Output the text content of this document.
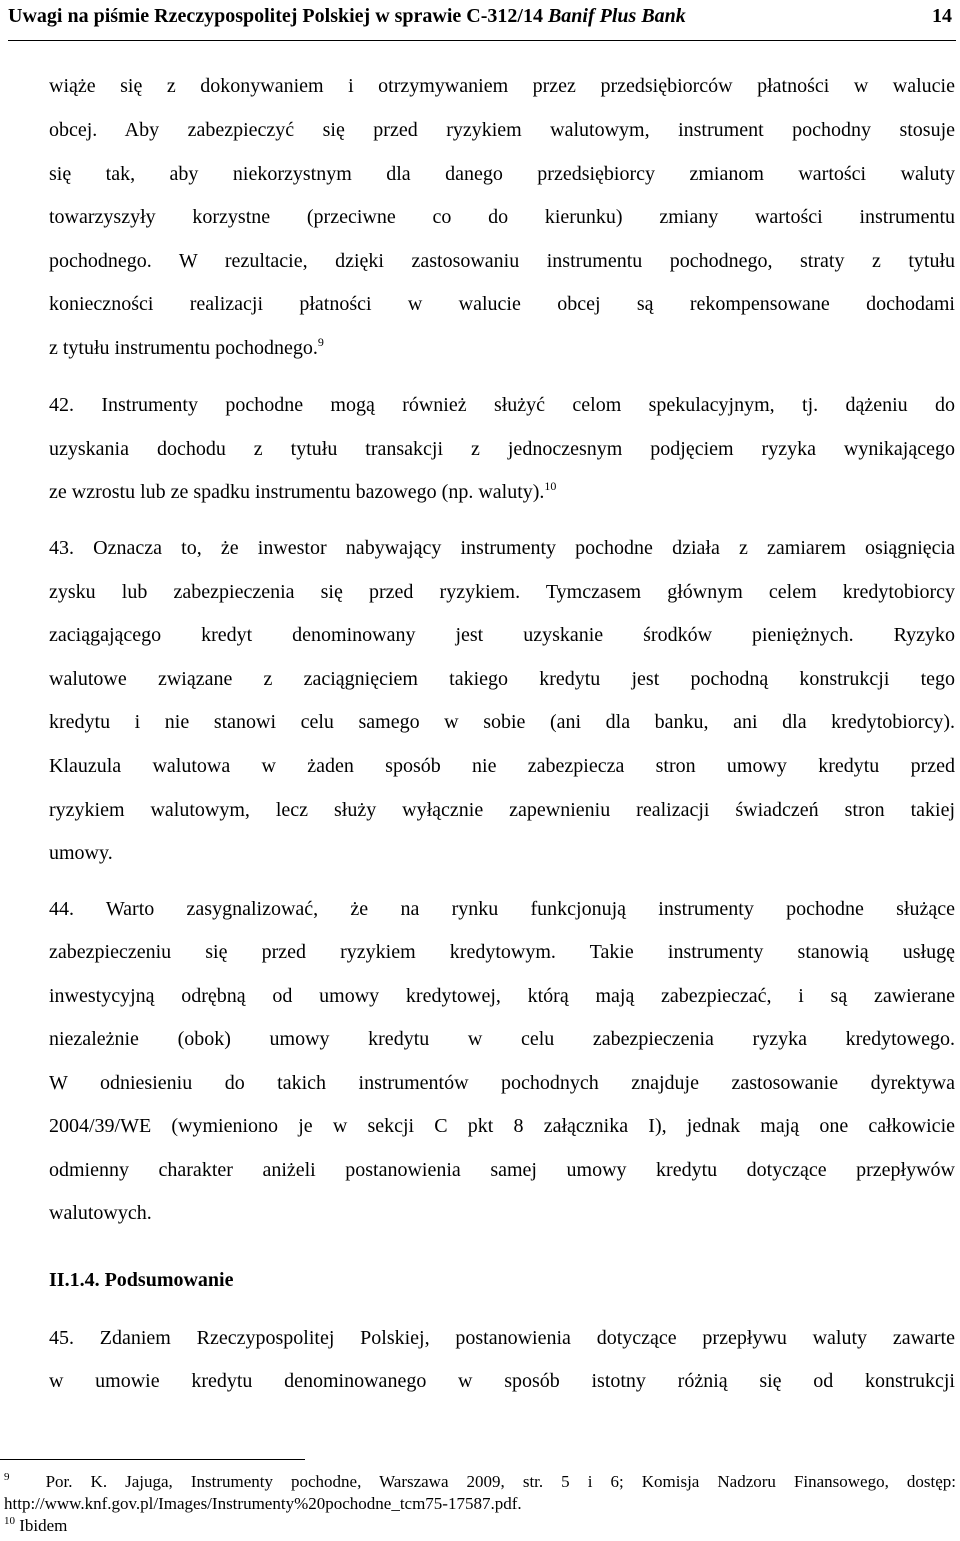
Uwagi na piśmie Rzeczypospolitej Polskiej w sprawie C-312/14 Banif Plus Bank	14
wiąże się z dokonywaniem i otrzymywaniem przez przedsiębiorców płatności w walucie
obcej. Aby zabezpieczyć się przed ryzykiem walutowym, instrument pochodny stosuje
się tak, aby niekorzystnym dla danego przedsiębiorcy zmianom wartości waluty
towarzyszyły korzystne (przeciwne co do kierunku) zmiany wartości instrumentu
pochodnego. W rezultacie, dzięki zastosowaniu instrumentu pochodnego, straty z tytułu
konieczności realizacji płatności w walucie obcej są rekompensowane dochodami
z tytułu instrumentu pochodnego.$^9$
42. Instrumenty pochodne mogą również służyć celom spekulacyjnym, tj. dążeniu do
uzyskania dochodu z tytułu transakcji z jednoczesnym podjęciem ryzyka wynikającego
ze wzrostu lub ze spadku instrumentu bazowego (np. waluty).$^{10}$
43. Oznacza to, że inwestor nabywający instrumenty pochodne działa z zamiarem osiągnięcia
zysku lub zabezpieczenia się przed ryzykiem. Tymczasem głównym celem kredytobiorcy
zaciągającego kredyt denominowany jest uzyskanie środków pieniężnych. Ryzyko
walutowe związane z zaciągnięciem takiego kredytu jest pochodną konstrukcji tego
kredytu i nie stanowi celu samego w sobie (ani dla banku, ani dla kredytobiorcy).
Klauzula walutowa w żaden sposób nie zabezpiecza stron umowy kredytu przed
ryzykiem walutowym, lecz służy wyłącznie zapewnieniu realizacji świadczeń stron takiej
umowy.
44. Warto zasygnalizować, że na rynku funkcjonują instrumenty pochodne służące
zabezpieczeniu się przed ryzykiem kredytowym. Takie instrumenty stanowią usługę
inwestycyjną odrębną od umowy kredytowej, którą mają zabezpieczać, i są zawierane
niezależnie (obok) umowy kredytu w celu zabezpieczenia ryzyka kredytowego.
W odniesieniu do takich instrumentów pochodnych znajduje zastosowanie dyrektywa
2004/39/WE (wymieniono je w sekcji C pkt 8 załącznika I), jednak mają one całkowicie
odmienny charakter aniżeli postanowienia samej umowy kredytu dotyczące przepływów
walutowych.
II.1.4. Podsumowanie
45. Zdaniem Rzeczypospolitej Polskiej, postanowienia dotyczące przepływu waluty zawarte
w umowie kredytu denominowanego w sposób istotny różnią się od konstrukcji
$^9$ Por. K. Jajuga, Instrumenty pochodne, Warszawa 2009, str. 5 i 6; Komisja Nadzoru Finansowego, dostęp:
http://www.knf.gov.pl/Images/Instrumenty%20pochodne_tcm75-17587.pdf.
$^{10}$ Ibidem
